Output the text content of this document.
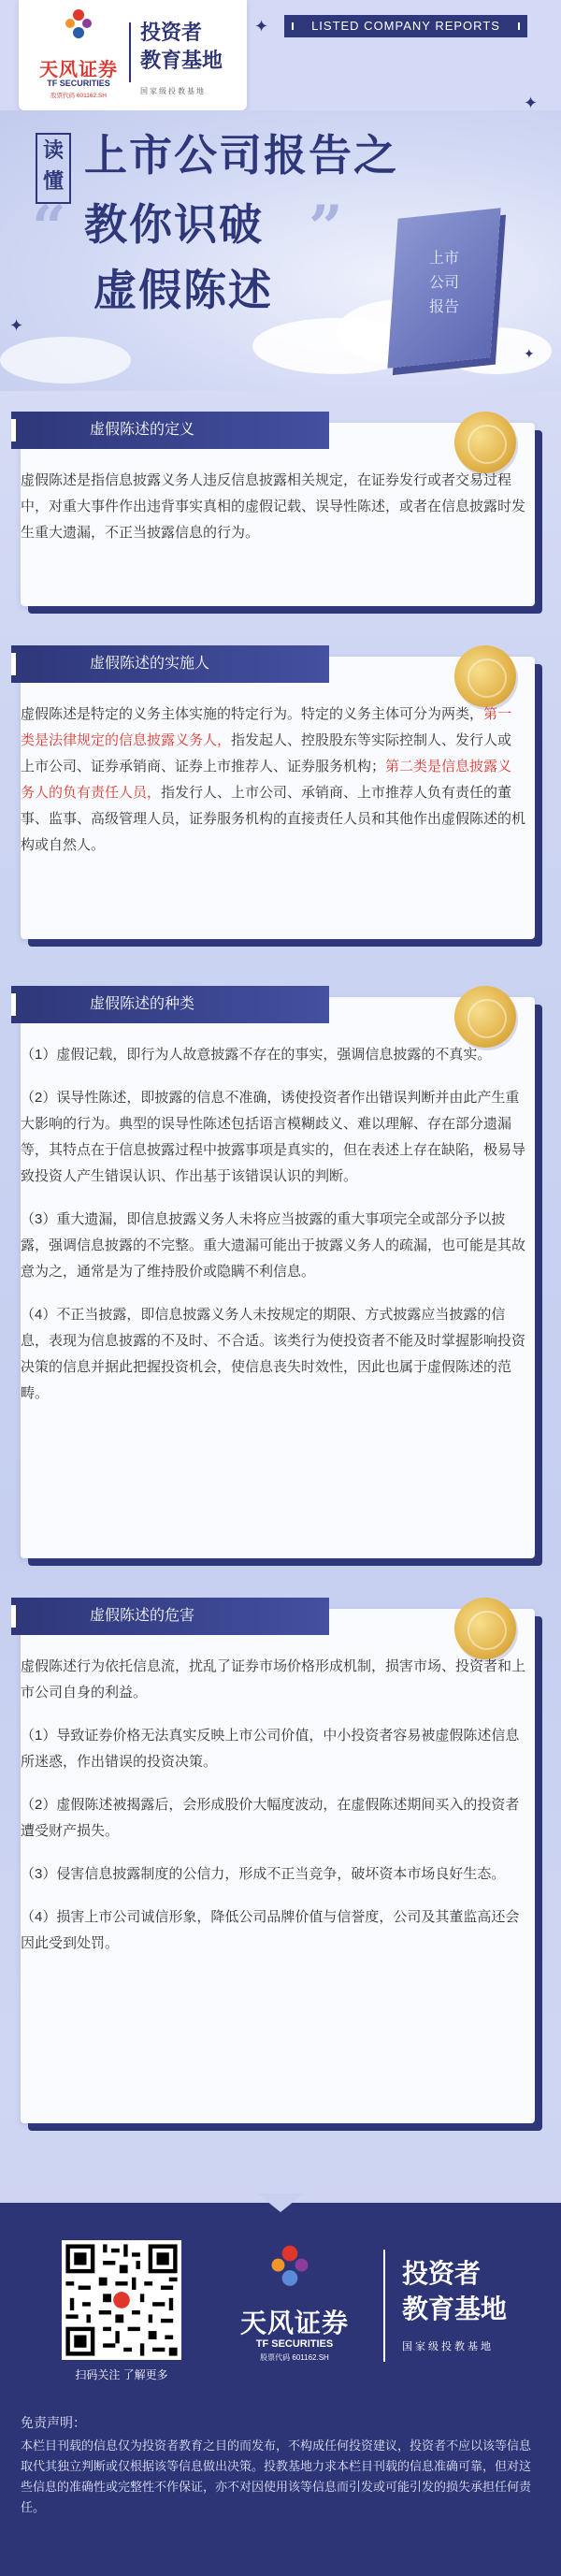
天风证券
TF SECURITIES
股票代码 601162.SH
投资者
教育基地
国家级投教基地
LISTED COMPANY REPORTS
上市
公司
报告
读
懂
上市公司报告之
“ 教你识破 ”
虚假陈述
✦
✦
✦
✦
虚假陈述的定义

虚假陈述是指信息披露义务人违反信息披露相关规定，在证券发行或者交易过程中，对重大事件作出违背事实真相的虚假记载、误导性陈述，或者在信息披露时发生重大遗漏，不正当披露信息的行为。

虚假陈述的实施人

虚假陈述是特定的义务主体实施的特定行为。特定的义务主体可分为两类，第一类是法律规定的信息披露义务人，指发起人、控股股东等实际控制人、发行人或上市公司、证券承销商、证券上市推荐人、证券服务机构；第二类是信息披露义务人的负有责任人员，指发行人、上市公司、承销商、上市推荐人负有责任的董事、监事、高级管理人员，证券服务机构的直接责任人员和其他作出虚假陈述的机构或自然人。

虚假陈述的种类

（1）虚假记载，即行为人故意披露不存在的事实，强调信息披露的不真实。

（2）误导性陈述，即披露的信息不准确，诱使投资者作出错误判断并由此产生重大影响的行为。典型的误导性陈述包括语言模糊歧义、难以理解、存在部分遗漏等，其特点在于信息披露过程中披露事项是真实的，但在表述上存在缺陷，极易导致投资人产生错误认识、作出基于该错误认识的判断。

（3）重大遗漏，即信息披露义务人未将应当披露的重大事项完全或部分予以披露，强调信息披露的不完整。重大遗漏可能出于披露义务人的疏漏，也可能是其故意为之，通常是为了维持股价或隐瞒不利信息。

（4）不正当披露，即信息披露义务人未按规定的期限、方式披露应当披露的信息，表现为信息披露的不及时、不合适。该类行为使投资者不能及时掌握影响投资决策的信息并据此把握投资机会，使信息丧失时效性，因此也属于虚假陈述的范畴。

虚假陈述的危害

虚假陈述行为依托信息流，扰乱了证券市场价格形成机制，损害市场、投资者和上市公司自身的利益。

（1）导致证券价格无法真实反映上市公司价值，中小投资者容易被虚假陈述信息所迷惑，作出错误的投资决策。

（2）虚假陈述被揭露后，会形成股价大幅度波动，在虚假陈述期间买入的投资者遭受财产损失。

（3）侵害信息披露制度的公信力，形成不正当竞争，破坏资本市场良好生态。

（4）损害上市公司诚信形象，降低公司品牌价值与信誉度，公司及其董监高还会因此受到处罚。

扫码关注 了解更多
天风证券
TF SECURITIES
股票代码 601162.SH
投资者
教育基地
国家级投教基地
免责声明：
本栏目刊载的信息仅为投资者教育之目的而发布，不构成任何投资建议，投资者不应以该等信息取代其独立判断或仅根据该等信息做出决策。投教基地力求本栏目刊载的信息准确可靠，但对这些信息的准确性或完整性不作保证，亦不对因使用该等信息而引发或可能引发的损失承担任何责任。
